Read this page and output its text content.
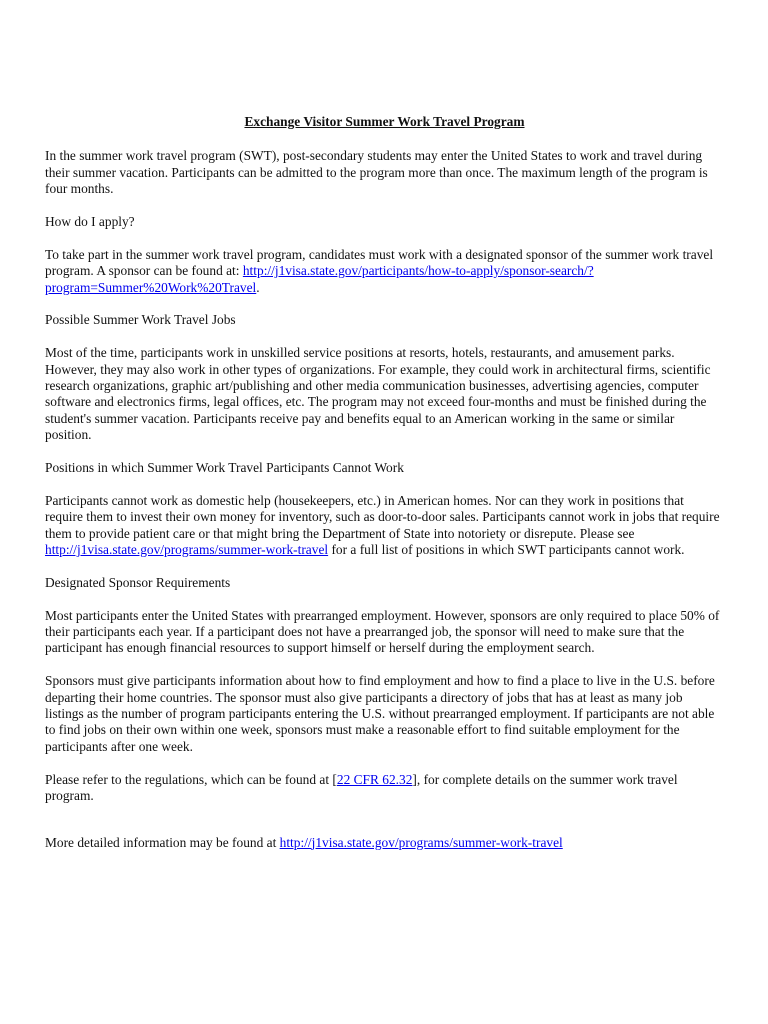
Exchange Visitor Summer Work Travel Program

In the summer work travel program (SWT), post-secondary students may enter the United States to work and travel during their summer vacation. Participants can be admitted to the program more than once. The maximum length of the program is four months.

How do I apply?

To take part in the summer work travel program, candidates must work with a designated sponsor of the summer work travel program. A sponsor can be found at: http://j1visa.state.gov/participants/how-to-apply/sponsor-search/?program=Summer%20Work%20Travel.

Possible Summer Work Travel Jobs

Most of the time, participants work in unskilled service positions at resorts, hotels, restaurants, and amusement parks. However, they may also work in other types of organizations. For example, they could work in architectural firms, scientific research organizations, graphic art/publishing and other media communication businesses, advertising agencies, computer software and electronics firms, legal offices, etc. The program may not exceed four-months and must be finished during the student's summer vacation. Participants receive pay and benefits equal to an American working in the same or similar position.

Positions in which Summer Work Travel Participants Cannot Work

Participants cannot work as domestic help (housekeepers, etc.) in American homes. Nor can they work in positions that require them to invest their own money for inventory, such as door-to-door sales. Participants cannot work in jobs that require them to provide patient care or that might bring the Department of State into notoriety or disrepute. Please see http://j1visa.state.gov/programs/summer-work-travel for a full list of positions in which SWT participants cannot work.

Designated Sponsor Requirements

Most participants enter the United States with prearranged employment. However, sponsors are only required to place 50% of their participants each year. If a participant does not have a prearranged job, the sponsor will need to make sure that the participant has enough financial resources to support himself or herself during the employment search.

Sponsors must give participants information about how to find employment and how to find a place to live in the U.S. before departing their home countries. The sponsor must also give participants a directory of jobs that has at least as many job listings as the number of program participants entering the U.S. without prearranged employment. If participants are not able to find jobs on their own within one week, sponsors must make a reasonable effort to find suitable employment for the participants after one week.

Please refer to the regulations, which can be found at [22 CFR 62.32], for complete details on the summer work travel program.

More detailed information may be found at http://j1visa.state.gov/programs/summer-work-travel
